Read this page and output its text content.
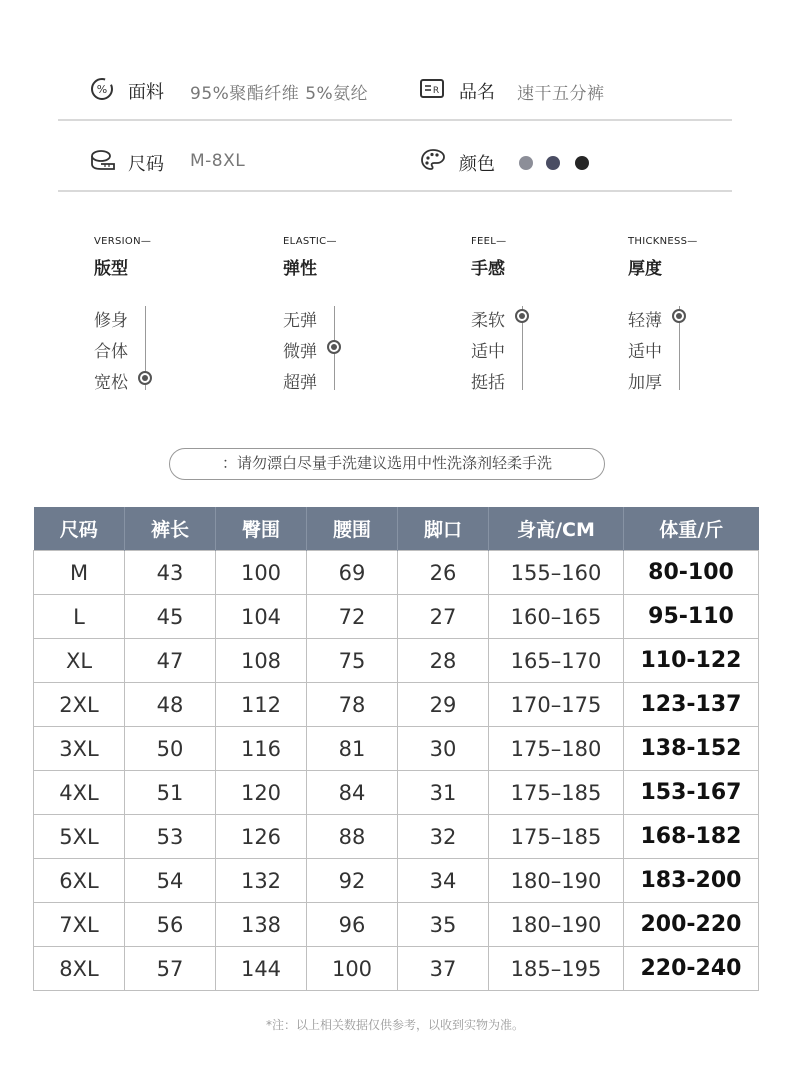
% 面料 95%聚酯纤维 5%氨纶	R 品名 速干五分裤
尺码 M-8XL	颜色
VERSION—
版型
修身
合体
宽松
ELASTIC—
弹性
无弹
微弹
超弹
FEEL—
手感
柔软
适中
挺括
THICKNESS—
厚度
轻薄
适中
加厚
：请勿漂白尽量手洗建议选用中性洗涤剂轻柔手洗
尺码	裤长	臀围	腰围	脚口	身高/CM	体重/斤
M	43	100	69	26	155–160	80-100
L	45	104	72	27	160–165	95-110
XL	47	108	75	28	165–170	110-122
2XL	48	112	78	29	170–175	123-137
3XL	50	116	81	30	175–180	138-152
4XL	51	120	84	31	175–185	153-167
5XL	53	126	88	32	175–185	168-182
6XL	54	132	92	34	180–190	183-200
7XL	56	138	96	35	180–190	200-220
8XL	57	144	100	37	185–195	220-240
*注：以上相关数据仅供参考，以收到实物为准。
